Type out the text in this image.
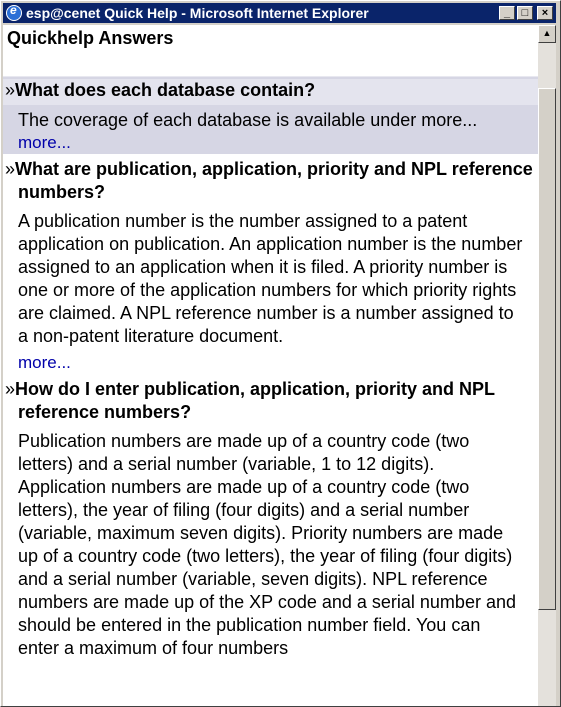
e
esp@cenet Quick Help - Microsoft Internet Explorer	_	□	×
Quickhelp Answers

»What does each database contain?

The coverage of each database is available under more...
more...

»What are publication, application, priority and NPL reference numbers?

A publication number is the number assigned to a patent application on publication. An application number is the number assigned to an application when it is filed. A priority number is one or more of the application numbers for which priority rights are claimed. A NPL reference number is a number assigned to a non-patent literature document.
more...

»How do I enter publication, application, priority and NPL reference numbers?

Publication numbers are made up of a country code (two letters) and a serial number (variable, 1 to 12 digits). Application numbers are made up of a country code (two letters), the year of filing (four digits) and a serial number (variable, maximum seven digits). Priority numbers are made up of a country code (two letters), the year of filing (four digits) and a serial number (variable, seven digits). NPL reference numbers are made up of the XP code and a serial number and should be entered in the publication number field. You can enter a maximum of four numbers
▲
